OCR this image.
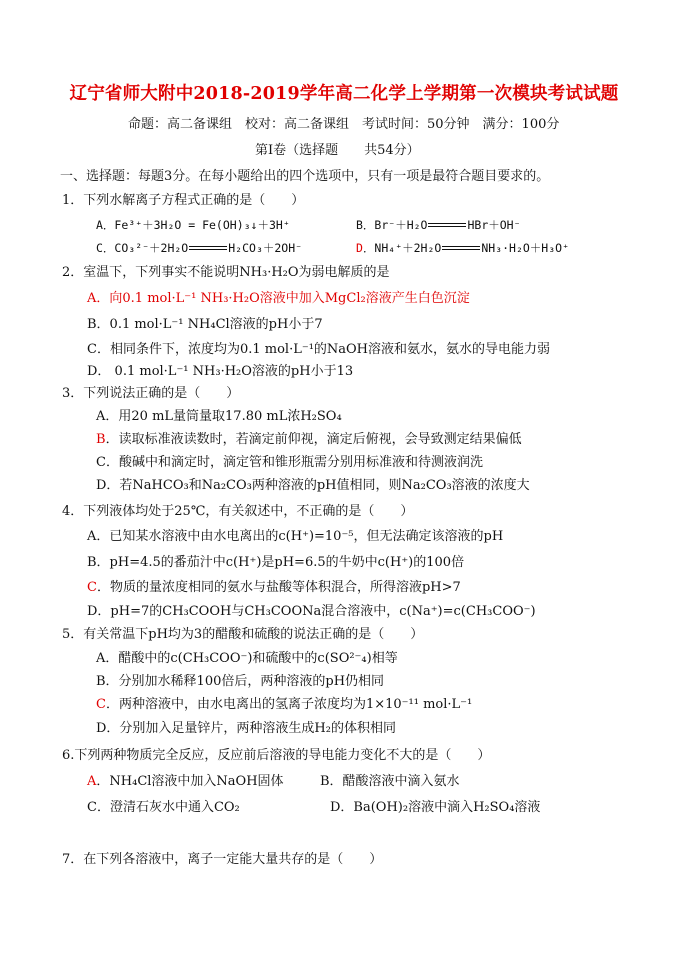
辽宁省师大附中2018-2019学年高二化学上学期第一次模块考试试题
命题：高二备课组　校对：高二备课组　考试时间：50分钟　满分：100分
第Ⅰ卷（选择题　　共54分）
一、选择题：每题3分。在每小题给出的四个选项中，只有一项是最符合题目要求的。
1．下列水解离子方程式正确的是（　　）
A．Fe³⁺＋3H₂O = Fe(OH)₃↓＋3H⁺	B．Br⁻＋H₂O	HBr＋OH⁻
C．CO₃²⁻＋2H₂O	H₂CO₃＋2OH⁻	D．NH₄⁺＋2H₂O	NH₃·H₂O＋H₃O⁺
2．室温下，下列事实不能说明NH₃·H₂O为弱电解质的是
A．向0.1 mol·L⁻¹ NH₃·H₂O溶液中加入MgCl₂溶液产生白色沉淀
B．0.1 mol·L⁻¹ NH₄Cl溶液的pH小于7
C．相同条件下，浓度均为0.1 mol·L⁻¹的NaOH溶液和氨水，氨水的导电能力弱
D． 0.1 mol·L⁻¹ NH₃·H₂O溶液的pH小于13
3．下列说法正确的是（　　）
A．用20 mL量筒量取17.80 mL浓H₂SO₄
B．读取标准液读数时，若滴定前仰视，滴定后俯视，会导致测定结果偏低
C．酸碱中和滴定时，滴定管和锥形瓶需分别用标准液和待测液润洗
D．若NaHCO₃和Na₂CO₃两种溶液的pH值相同，则Na₂CO₃溶液的浓度大
4．下列液体均处于25℃，有关叙述中，不正确的是（　　）
A．已知某水溶液中由水电离出的c(H⁺)=10⁻⁵，但无法确定该溶液的pH
B．pH=4.5的番茄汁中c(H⁺)是pH=6.5的牛奶中c(H⁺)的100倍
C．物质的量浓度相同的氨水与盐酸等体积混合，所得溶液pH>7
D．pH=7的CH₃COOH与CH₃COONa混合溶液中，c(Na⁺)=c(CH₃COO⁻)
5．有关常温下pH均为3的醋酸和硫酸的说法正确的是（　　）
A．醋酸中的c(CH₃COO⁻)和硫酸中的c(SO²⁻₄)相等
B．分别加水稀释100倍后，两种溶液的pH仍相同
C．两种溶液中，由水电离出的氢离子浓度均为1×10⁻¹¹ mol·L⁻¹
D．分别加入足量锌片，两种溶液生成H₂的体积相同
6.下列两种物质完全反应，反应前后溶液的导电能力变化不大的是（　　）
A．NH₄Cl溶液中加入NaOH固体	B．醋酸溶液中滴入氨水
C．澄清石灰水中通入CO₂	D．Ba(OH)₂溶液中滴入H₂SO₄溶液
7．在下列各溶液中，离子一定能大量共存的是（　　）
